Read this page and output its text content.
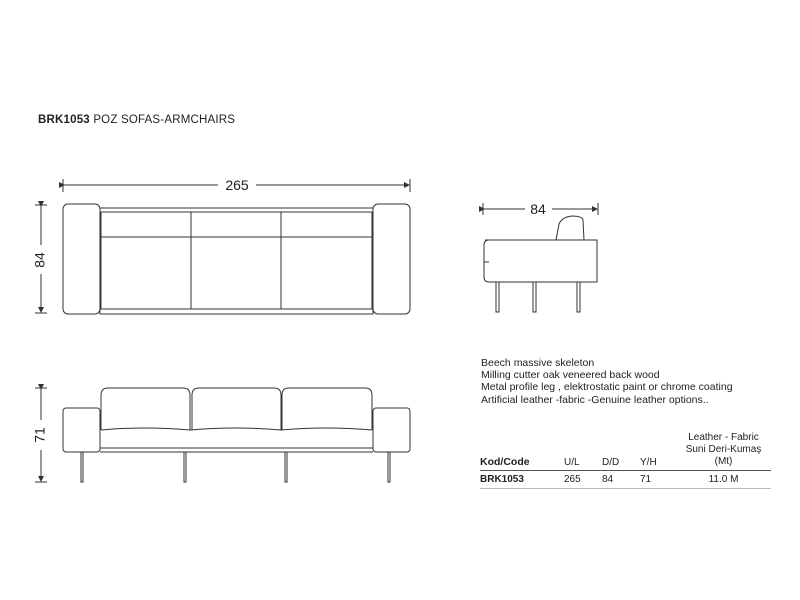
BRK1053 POZ SOFAS-ARMCHAIRS
265
84
84
71
Beech massive skeleton
Milling cutter oak veneered back wood
Metal profile leg , elektrostatic paint or chrome coating
Artificial leather -fabric -Genuine leather options..
Kod/Code	U/L	D/D	Y/H	Leather - Fabric
Suni Deri-Kumaş (Mt)

BRK1053	265	84	71	11.0 M
